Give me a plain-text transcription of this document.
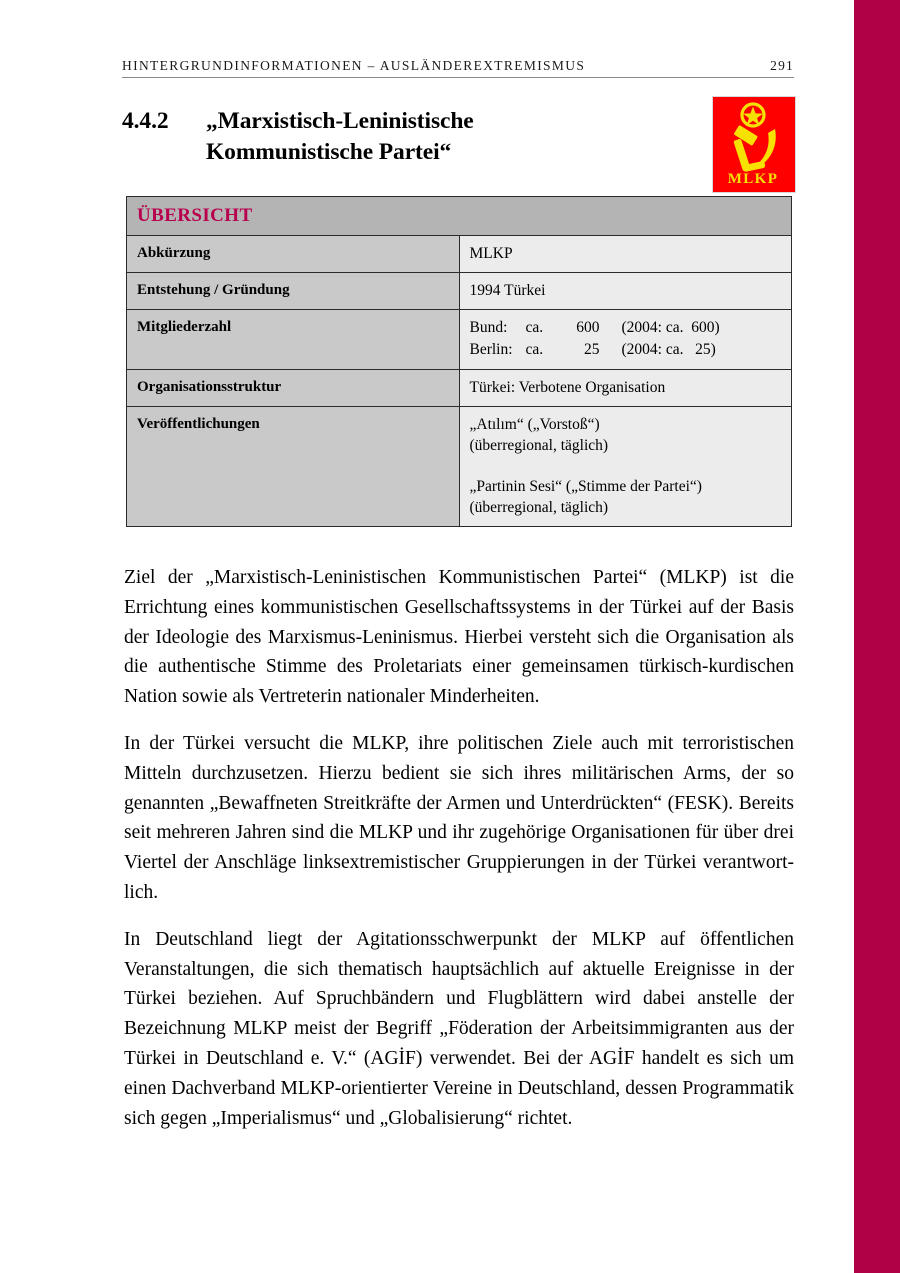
HINTERGRUNDINFORMATIONEN – AUSLÄNDEREXTREMISMUS	291
4.4.2	„Marxistisch-Leninistische
Kommunistische Partei“
MLKP
ÜBERSICHT	
Abkürzung	MLKP
Entstehung / Gründung	1994 Türkei
Mitgliederzahl	Bund:	ca.	600	(2004: ca.  600)
Berlin: ca.	25	(2004: ca.   25)

Organisationsstruktur	Türkei: Verbotene Organisation
Veröffentlichungen	„Atılım“ („Vorstoß“)
(überregional, täglich)
„Partinin Sesi“ („Stimme der Partei“)
(überregional, täglich)

Ziel der „Marxistisch-Leninistischen Kommunistischen Partei“ (MLKP) ist die Errichtung eines kommunistischen Gesellschaftssystems in der Türkei auf der Basis der Ideologie des Marxismus-Leninismus. Hierbei versteht sich die Organisation als die authentische Stimme des Proletariats einer gemeinsamen türkisch-kurdischen Nation sowie als Vertreterin nationaler Minderheiten.

In der Türkei versucht die MLKP, ihre politischen Ziele auch mit terroristischen Mitteln durchzusetzen. Hierzu bedient sie sich ihres militärischen Arms, der so genannten „Bewaffneten Streitkräfte der Armen und Unterdrückten“ (FESK). Bereits seit mehreren Jahren sind die MLKP und ihr zugehörige Organisationen für über drei Viertel der Anschläge linksextremistischer Gruppierungen in der Türkei verantwortlich.

In Deutschland liegt der Agitationsschwerpunkt der MLKP auf öffentlichen Veranstaltungen, die sich thematisch hauptsächlich auf aktuelle Ereignisse in der Türkei beziehen. Auf Spruchbändern und Flugblättern wird dabei anstelle der Bezeichnung MLKP meist der Begriff „Föderation der Arbeitsimmigranten aus der Türkei in Deutschland e. V.“ (AGİF) verwendet. Bei der AGİF handelt es sich um einen Dachverband MLKP-orientierter Vereine in Deutschland, dessen Programmatik sich gegen „Imperialismus“ und „Globalisierung“ richtet.
